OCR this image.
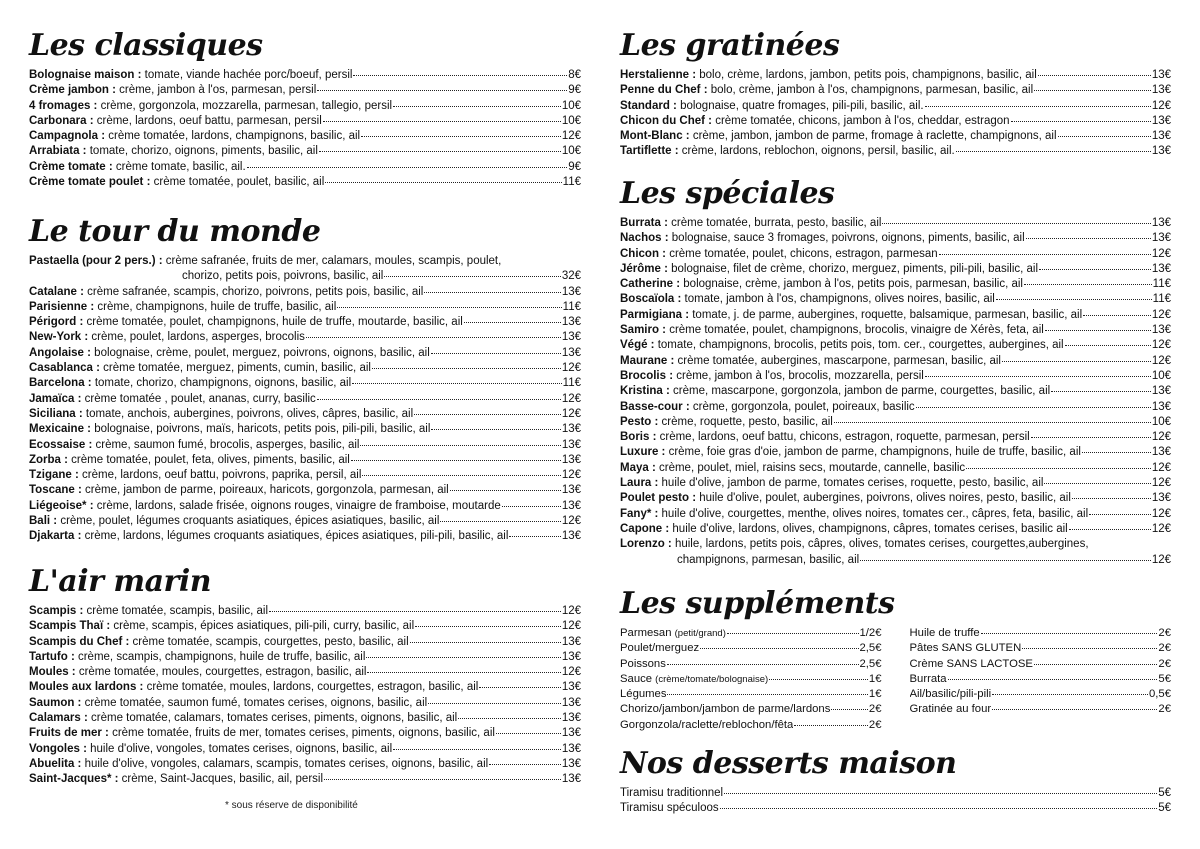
Les classiques
Bolognaise maison : tomate, viande hachée porc/boeuf, persil	8€
Crème jambon : crème, jambon à l'os, parmesan, persil	9€
4 fromages : crème, gorgonzola, mozzarella, parmesan, tallegio, persil	10€
Carbonara : crème, lardons, oeuf battu, parmesan, persil	10€
Campagnola : crème tomatée, lardons, champignons, basilic, ail	12€
Arrabiata : tomate, chorizo, oignons, piments, basilic, ail	10€
Crème tomate : crème tomate, basilic, ail.	9€
Crème tomate poulet : crème tomatée, poulet, basilic, ail	11€
Le tour du monde
Pastaella (pour 2 pers.) : crème safranée, fruits de mer, calamars, moules, scampis, poulet,
chorizo, petits pois, poivrons, basilic, ail	32€
Catalane : crème safranée, scampis, chorizo, poivrons, petits pois, basilic, ail	13€
Parisienne : crème, champignons, huile de truffe, basilic, ail	11€
Périgord : crème tomatée, poulet, champignons, huile de truffe, moutarde, basilic, ail	13€
New-York : crème, poulet, lardons, asperges, brocolis	13€
Angolaise : bolognaise, crème, poulet, merguez, poivrons, oignons, basilic, ail	13€
Casablanca : crème tomatée, merguez, piments, cumin, basilic, ail	12€
Barcelona : tomate, chorizo, champignons, oignons, basilic, ail	11€
Jamaïca : crème tomatée , poulet, ananas, curry, basilic	12€
Siciliana : tomate, anchois, aubergines, poivrons, olives, câpres, basilic, ail	12€
Mexicaine : bolognaise, poivrons, maïs, haricots, petits pois, pili-pili, basilic, ail	13€
Ecossaise : crème, saumon fumé, brocolis, asperges, basilic, ail	13€
Zorba : crème tomatée, poulet, feta, olives, piments, basilic, ail	13€
Tzigane : crème, lardons, oeuf battu, poivrons, paprika, persil, ail	12€
Toscane : crème, jambon de parme, poireaux, haricots, gorgonzola, parmesan, ail	13€
Liégeoise* : crème, lardons, salade frisée, oignons rouges, vinaigre de framboise, moutarde	13€
Bali : crème, poulet, légumes croquants asiatiques, épices asiatiques, basilic, ail	12€
Djakarta : crème, lardons, légumes croquants asiatiques, épices asiatiques, pili-pili, basilic, ail	13€
L'air marin
Scampis : crème tomatée, scampis, basilic, ail	12€
Scampis Thaï : crème, scampis, épices asiatiques, pili-pili, curry, basilic, ail	12€
Scampis du Chef : crème tomatée, scampis, courgettes, pesto, basilic, ail	13€
Tartufo : crème, scampis, champignons, huile de truffe, basilic, ail	13€
Moules : crème tomatée, moules, courgettes, estragon, basilic, ail	12€
Moules aux lardons : crème tomatée, moules, lardons, courgettes, estragon, basilic, ail	13€
Saumon : crème tomatée, saumon fumé, tomates cerises, oignons, basilic, ail	13€
Calamars : crème tomatée, calamars, tomates cerises, piments, oignons, basilic, ail	13€
Fruits de mer : crème tomatée, fruits de mer, tomates cerises, piments, oignons, basilic, ail	13€
Vongoles : huile d'olive, vongoles, tomates cerises, oignons, basilic, ail	13€
Abuelita : huile d'olive, vongoles, calamars, scampis, tomates cerises, oignons, basilic, ail	13€
Saint-Jacques* : crème, Saint-Jacques, basilic, ail, persil	13€
* sous réserve de disponibilité
Les gratinées
Herstalienne : bolo, crème, lardons, jambon, petits pois, champignons, basilic, ail	13€
Penne du Chef : bolo, crème, jambon à l'os, champignons, parmesan, basilic, ail	13€
Standard : bolognaise, quatre fromages, pili-pili, basilic, ail.	12€
Chicon du Chef : crème tomatée, chicons, jambon à l'os, cheddar, estragon	13€
Mont-Blanc : crème, jambon, jambon de parme, fromage à raclette, champignons, ail	13€
Tartiflette : crème, lardons, reblochon, oignons, persil, basilic, ail.	13€
Les spéciales
Burrata : crème tomatée, burrata, pesto, basilic, ail	13€
Nachos : bolognaise, sauce 3 fromages, poivrons, oignons, piments, basilic, ail	13€
Chicon : crème tomatée, poulet, chicons, estragon, parmesan	12€
Jérôme : bolognaise, filet de crème, chorizo, merguez, piments, pili-pili, basilic, ail	13€
Catherine : bolognaise, crème, jambon à l'os, petits pois, parmesan, basilic, ail	11€
Boscaïola : tomate, jambon à l'os, champignons, olives noires, basilic, ail	11€
Parmigiana : tomate, j. de parme, aubergines, roquette, balsamique, parmesan, basilic, ail	12€
Samiro : crème tomatée, poulet, champignons, brocolis, vinaigre de Xérès, feta, ail	13€
Végé : tomate, champignons, brocolis, petits pois, tom. cer., courgettes, aubergines, ail	12€
Maurane : crème tomatée, aubergines, mascarpone, parmesan, basilic, ail	12€
Brocolis : crème, jambon à l'os, brocolis, mozzarella, persil	10€
Kristina : crème, mascarpone, gorgonzola, jambon de parme, courgettes, basilic, ail	13€
Basse-cour : crème, gorgonzola, poulet, poireaux, basilic	13€
Pesto : crème, roquette, pesto, basilic, ail	10€
Boris : crème, lardons, oeuf battu, chicons, estragon, roquette, parmesan, persil	12€
Luxure : crème, foie gras d'oie, jambon de parme, champignons, huile de truffe, basilic, ail	13€
Maya : crème, poulet, miel, raisins secs, moutarde, cannelle, basilic	12€
Laura : huile d'olive, jambon de parme, tomates cerises, roquette, pesto, basilic, ail	12€
Poulet pesto : huile d'olive, poulet, aubergines, poivrons, olives noires, pesto, basilic, ail	13€
Fany* : huile d'olive, courgettes, menthe, olives noires, tomates cer., câpres, feta, basilic, ail	12€
Capone : huile d'olive, lardons, olives, champignons, câpres, tomates cerises, basilic ail	12€
Lorenzo : huile, lardons, petits pois, câpres, olives, tomates cerises, courgettes,aubergines,
champignons, parmesan, basilic, ail	12€
Les suppléments
Parmesan (petit/grand)	1/2€
Poulet/merguez	2,5€
Poissons	2,5€
Sauce (crème/tomate/bolognaise)	1€
Légumes	1€
Chorizo/jambon/jambon de parme/lardons	2€
Gorgonzola/raclette/reblochon/fêta	2€
Huile de truffe	2€
Pâtes SANS GLUTEN	2€
Crème SANS LACTOSE	2€
Burrata	5€
Ail/basilic/pili-pili	0,5€
Gratinée au four	2€
Nos desserts maison
Tiramisu traditionnel	5€
Tiramisu spéculoos	5€
